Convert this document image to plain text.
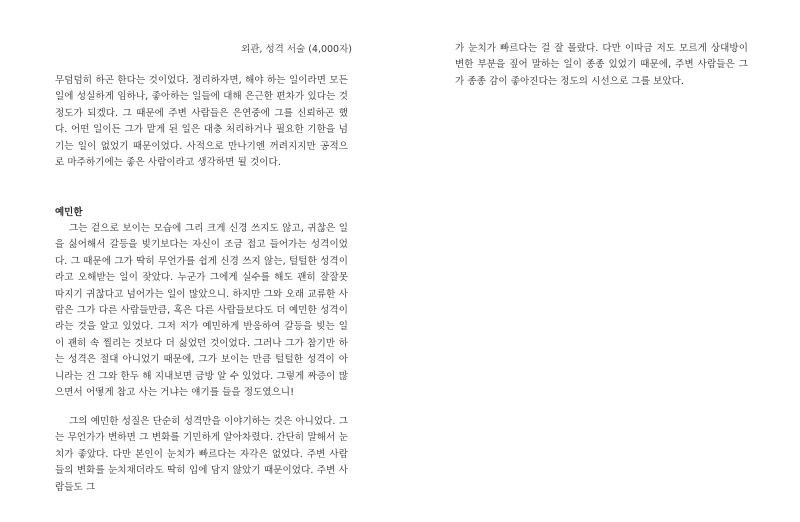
외관, 성격 서술 (4,000자)

무덤덤히 하곤 한다는 것이었다. 정리하자면, 해야 하는 일이라면 모든 일에 성실하게 임하나, 좋아하는 일들에 대해 은근한 편차가 있다는 것 정도가 되겠다. 그 때문에 주변 사람들은 은연중에 그를 신뢰하곤 했다. 어떤 일이든 그가 맡게 된 일은 대충 처리하거나 필요한 기한을 넘기는 일이 없었기 때문이었다. 사적으로 만나기엔 꺼려지지만 공적으로 마주하기에는 좋은 사람이라고 생각하면 될 것이다.

예민한

그는 겉으로 보이는 모습에 그리 크게 신경 쓰지도 않고, 귀찮은 일을 싫어해서 갈등을 빚기보다는 자신이 조금 접고 들어가는 성격이었다. 그 때문에 그가 딱히 무언가를 쉽게 신경 쓰지 않는, 털털한 성격이라고 오해받는 일이 잦았다. 누군가 그에게 실수를 해도 괜히 잘잘못 따지기 귀찮다고 넘어가는 일이 많았으니. 하지만 그와 오래 교류한 사람은 그가 다른 사람들만큼, 혹은 다른 사람들보다도 더 예민한 성격이라는 것을 알고 있었다. 그저 저가 예민하게 반응하여 갈등을 빚는 일이 괜히 속 찔리는 것보다 더 싫었던 것이었다. 그러나 그가 참기만 하는 성격은 절대 아니었기 때문에, 그가 보이는 만큼 털털한 성격이 아니라는 건 그와 한두 해 지내보면 금방 알 수 있었다. 그렇게 짜증이 많으면서 어떻게 참고 사는 거냐는 얘기를 들을 정도였으니!

그의 예민한 성질은 단순히 성격만을 이야기하는 것은 아니었다. 그는 무언가가 변하면 그 변화를 기민하게 알아차렸다. 간단히 말해서 눈치가 좋았다. 다만 본인이 눈치가 빠르다는 자각은 없었다. 주변 사람들의 변화를 눈치채더라도 딱히 입에 담지 않았기 때문이었다. 주변 사람들도 그

가 눈치가 빠르다는 걸 잘 몰랐다. 다만 이따금 저도 모르게 상대방이 변한 부분을 짚어 말하는 일이 종종 있었기 때문에, 주변 사람들은 그가 종종 감이 좋아진다는 정도의 시선으로 그를 보았다.
